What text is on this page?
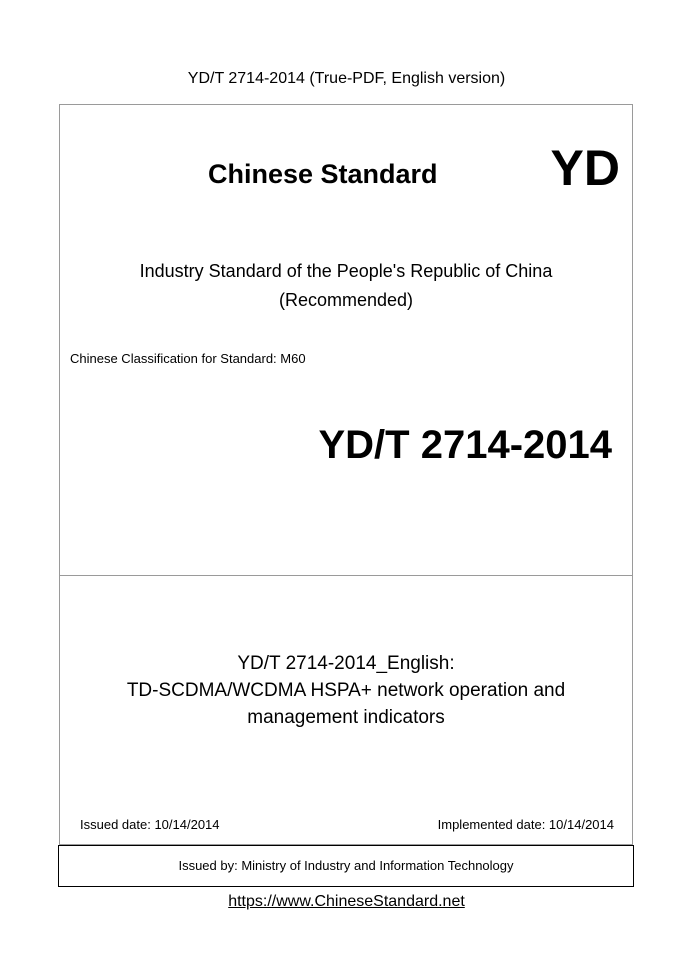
YD/T 2714-2014 (True-PDF, English version)
Chinese Standard YD
Industry Standard of the People's Republic of China
(Recommended)
Chinese Classification for Standard: M60
YD/T 2714-2014
YD/T 2714-2014_English:
TD-SCDMA/WCDMA HSPA+ network operation and
management indicators
Issued date: 10/14/2014	Implemented date: 10/14/2014
Issued by: Ministry of Industry and Information Technology
https://www.ChineseStandard.net
